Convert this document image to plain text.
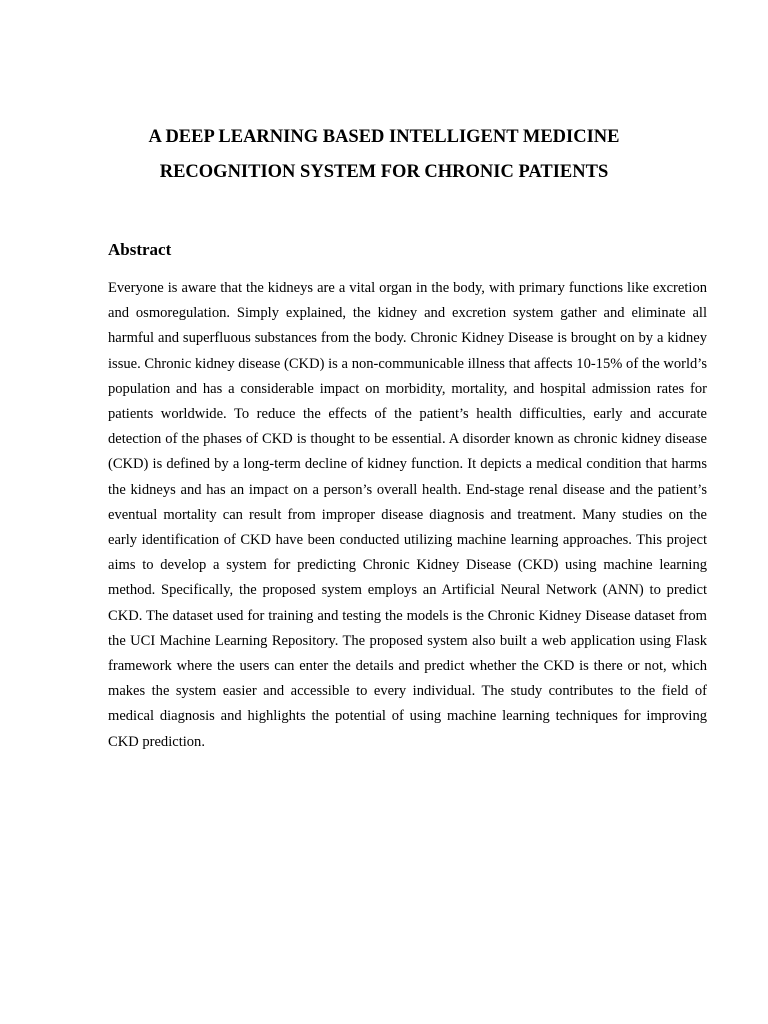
A DEEP LEARNING BASED INTELLIGENT MEDICINE
RECOGNITION SYSTEM FOR CHRONIC PATIENTS
Abstract

Everyone is aware that the kidneys are a vital organ in the body, with primary functions like excretion and osmoregulation. Simply explained, the kidney and excretion system gather and eliminate all harmful and superfluous substances from the body. Chronic Kidney Disease is brought on by a kidney issue. Chronic kidney disease (CKD) is a non-communicable illness that affects 10-15% of the world’s population and has a considerable impact on morbidity, mortality, and hospital admission rates for patients worldwide. To reduce the effects of the patient’s health difficulties, early and accurate detection of the phases of CKD is thought to be essential. A disorder known as chronic kidney disease (CKD) is defined by a long-term decline of kidney function. It depicts a medical condition that harms the kidneys and has an impact on a person’s overall health. End-stage renal disease and the patient’s eventual mortality can result from improper disease diagnosis and treatment. Many studies on the early identification of CKD have been conducted utilizing machine learning approaches. This project aims to develop a system for predicting Chronic Kidney Disease (CKD) using machine learning method. Specifically, the proposed system employs an Artificial Neural Network (ANN) to predict CKD. The dataset used for training and testing the models is the Chronic Kidney Disease dataset from the UCI Machine Learning Repository. The proposed system also built a web application using Flask framework where the users can enter the details and predict whether the CKD is there or not, which makes the system easier and accessible to every individual. The study contributes to the field of medical diagnosis and highlights the potential of using machine learning techniques for improving CKD prediction.
